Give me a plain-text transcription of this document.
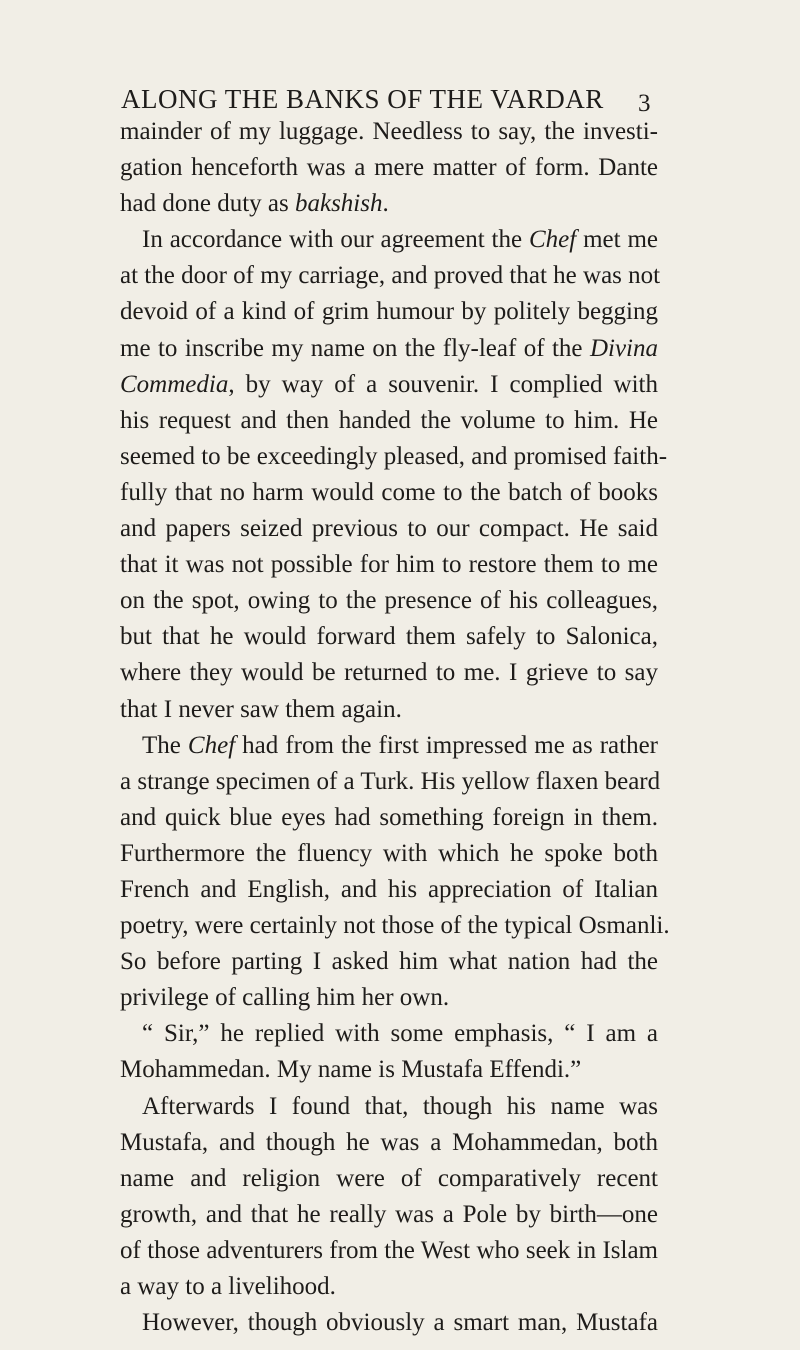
ALONG THE BANKS OF THE VARDAR	3
mainder of my luggage. Needless to say, the investi-
gation henceforth was a mere matter of form. Dante
had done duty as bakshish.
In accordance with our agreement the Chef met me
at the door of my carriage, and proved that he was not
devoid of a kind of grim humour by politely begging
me to inscribe my name on the fly-leaf of the Divina
Commedia, by way of a souvenir. I complied with
his request and then handed the volume to him. He
seemed to be exceedingly pleased, and promised faith-
fully that no harm would come to the batch of books
and papers seized previous to our compact. He said
that it was not possible for him to restore them to me
on the spot, owing to the presence of his colleagues,
but that he would forward them safely to Salonica,
where they would be returned to me. I grieve to say
that I never saw them again.
The Chef had from the first impressed me as rather
a strange specimen of a Turk. His yellow flaxen beard
and quick blue eyes had something foreign in them.
Furthermore the fluency with which he spoke both
French and English, and his appreciation of Italian
poetry, were certainly not those of the typical Osmanli.
So before parting I asked him what nation had the
privilege of calling him her own.
“ Sir,” he replied with some emphasis, “ I am a
Mohammedan. My name is Mustafa Effendi.”
Afterwards I found that, though his name was
Mustafa, and though he was a Mohammedan, both
name and religion were of comparatively recent
growth, and that he really was a Pole by birth—one
of those adventurers from the West who seek in Islam
a way to a livelihood.
However, though obviously a smart man, Mustafa
